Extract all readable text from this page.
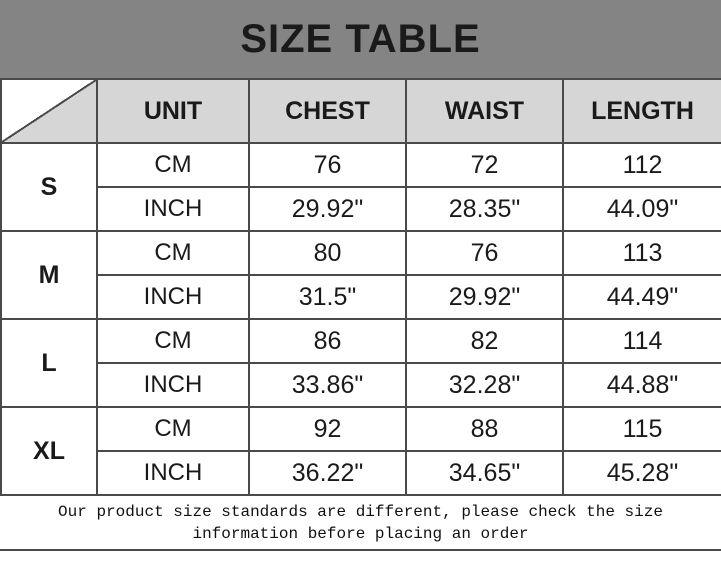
SIZE TABLE
	UNIT	CHEST	WAIST	LENGTH
S	CM	76	72	112
	INCH	29.92"	28.35"	44.09"
M	CM	80	76	113
	INCH	31.5"	29.92"	44.49"
L	CM	86	82	114
	INCH	33.86"	32.28"	44.88"
XL	CM	92	88	115
	INCH	36.22"	34.65"	45.28"
Our product size standards are different, please check the size information before placing an order
